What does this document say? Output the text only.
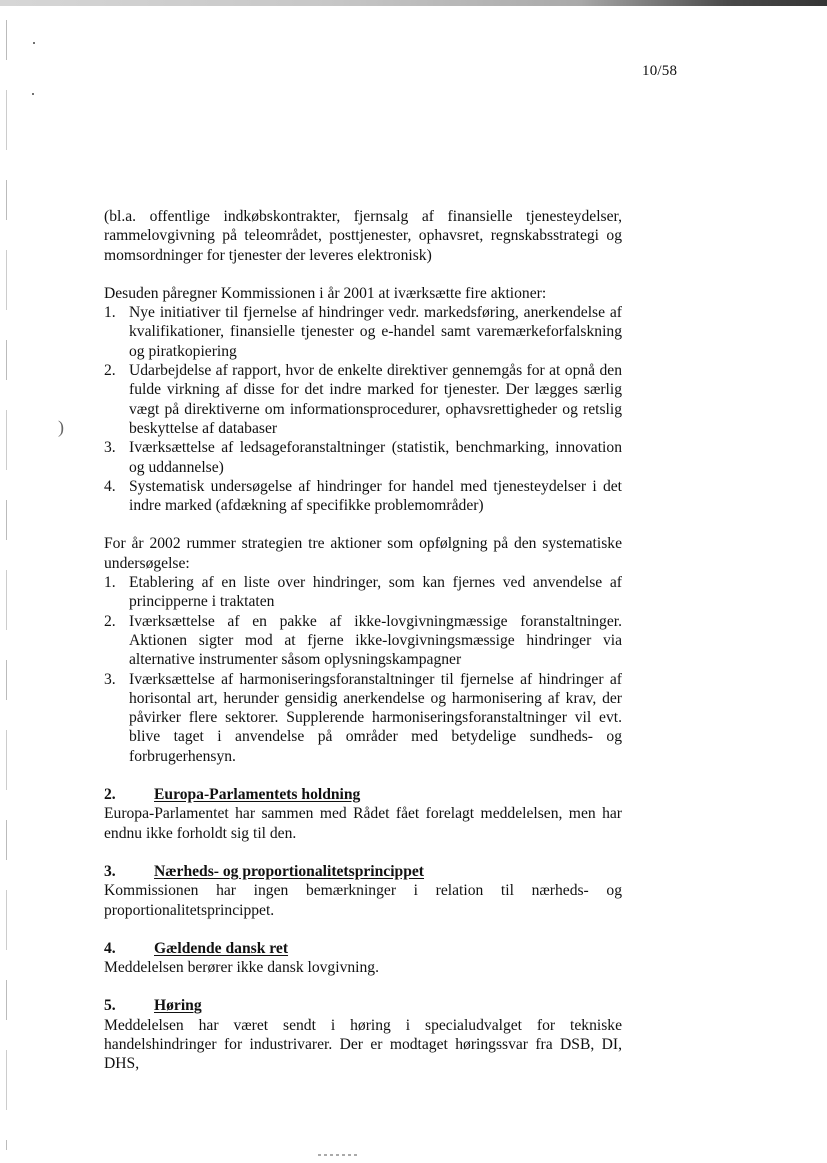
)
10/58

(bl.a. offentlige indkøbskontrakter, fjernsalg af finansielle tjenesteydelser, rammelovgivning på teleområdet, posttjenester, ophavsret, regnskabsstrategi og momsordninger for tjenester der leveres elektronisk)

Desuden påregner Kommissionen i år 2001 at iværksætte fire aktioner:

1. Nye initiativer til fjernelse af hindringer vedr. markedsføring, anerkendelse af kvalifikationer, finansielle tjenester og e-handel samt varemærkeforfalskning og piratkopiering
2. Udarbejdelse af rapport, hvor de enkelte direktiver gennemgås for at opnå den fulde virkning af disse for det indre marked for tjenester. Der lægges særlig vægt på direktiverne om informationsprocedurer, ophavsrettigheder og retslig beskyttelse af databaser
3. Iværksættelse af ledsageforanstaltninger (statistik, benchmarking, innovation og uddannelse)
4. Systematisk undersøgelse af hindringer for handel med tjenesteydelser i det indre marked (afdækning af specifikke problemområder)

For år 2002 rummer strategien tre aktioner som opfølgning på den systematiske undersøgelse:

1. Etablering af en liste over hindringer, som kan fjernes ved anvendelse af principperne i traktaten
2. Iværksættelse af en pakke af ikke-lovgivningmæssige foranstaltninger. Aktionen sigter mod at fjerne ikke-lovgivningsmæssige hindringer via alternative instrumenter såsom oplysningskampagner
3. Iværksættelse af harmoniseringsforanstaltninger til fjernelse af hindringer af horisontal art, herunder gensidig anerkendelse og harmonisering af krav, der påvirker flere sektorer. Supplerende harmoniseringsforanstaltninger vil evt. blive taget i anvendelse på områder med betydelige sundheds- og forbrugerhensyn.
2.	Europa-Parlamentets holdning

Europa-Parlamentet har sammen med Rådet fået forelagt meddelelsen, men har endnu ikke forholdt sig til den.

3.	Nærheds- og proportionalitetsprincippet

Kommissionen har ingen bemærkninger i relation til nærheds- og proportionalitetsprincippet.

4.	Gældende dansk ret

Meddelelsen berører ikke dansk lovgivning.

5.	Høring

Meddelelsen har været sendt i høring i specialudvalget for tekniske handelshindringer for industrivarer. Der er modtaget høringssvar fra DSB, DI, DHS,
